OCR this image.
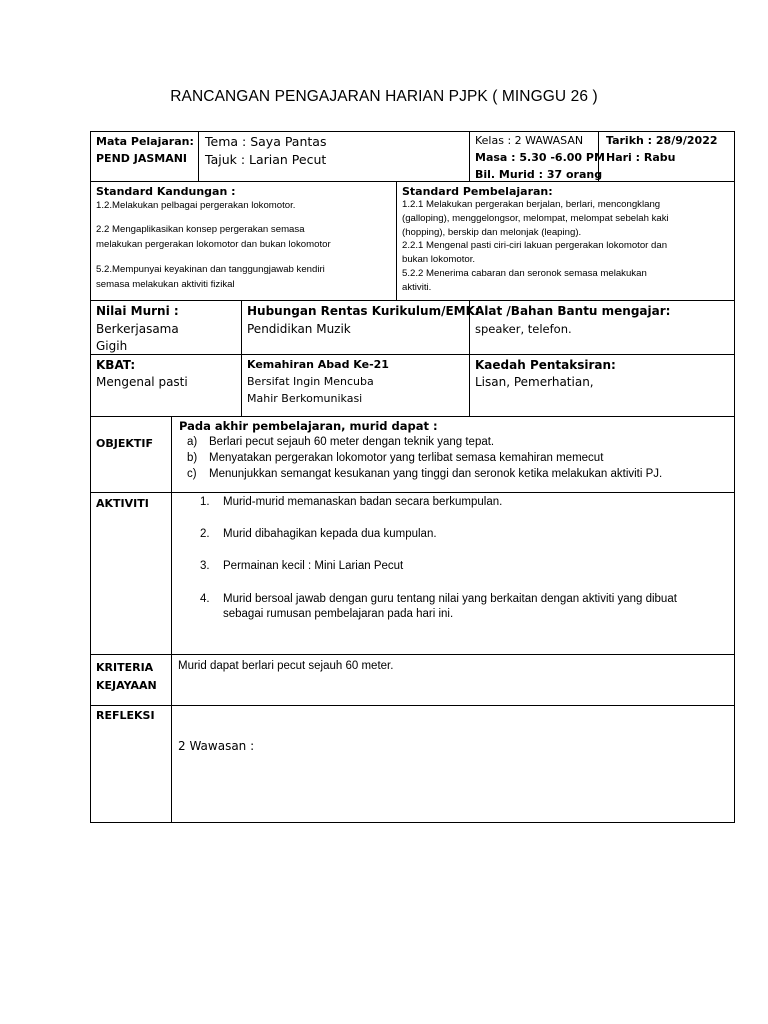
RANCANGAN PENGAJARAN HARIAN PJPK ( MINGGU 26 )
Mata Pelajaran:
PEND JASMANI
Tema : Saya Pantas
Tajuk : Larian Pecut
Kelas : 2 WAWASAN
Masa : 5.30 -6.00 PM
Bil. Murid : 37 orang
Tarikh : 28/9/2022
Hari : Rabu
Standard Kandungan :
1.2.Melakukan pelbagai pergerakan lokomotor.
2.2 Mengaplikasikan konsep pergerakan semasa
melakukan pergerakan lokomotor dan bukan lokomotor
5.2.Mempunyai keyakinan dan tanggungjawab kendiri
semasa melakukan aktiviti fizikal
Standard Pembelajaran:
1.2.1 Melakukan pergerakan berjalan, berlari, mencongklang
(galloping), menggelongsor, melompat, melompat sebelah kaki
(hopping), berskip dan melonjak (leaping).
2.2.1 Mengenal pasti ciri-ciri lakuan pergerakan lokomotor dan
bukan lokomotor.
5.2.2 Menerima cabaran dan seronok semasa melakukan
aktiviti.
Nilai Murni :
Berkerjasama
Gigih
Hubungan Rentas Kurikulum/EMK:
Pendidikan Muzik
Alat /Bahan Bantu mengajar:
speaker, telefon.
KBAT:
Mengenal pasti
Kemahiran Abad Ke-21
Bersifat Ingin Mencuba
Mahir Berkomunikasi
Kaedah Pentaksiran:
Lisan, Pemerhatian,
OBJEKTIF
Pada akhir pembelajaran, murid dapat :
a) Berlari pecut sejauh 60 meter dengan teknik yang tepat.
b) Menyatakan pergerakan lokomotor yang terlibat semasa kemahiran memecut
c) Menunjukkan semangat kesukanan yang tinggi dan seronok ketika melakukan aktiviti PJ.
AKTIVITI	1. Murid-murid memanaskan badan secara berkumpulan.
2. Murid dibahagikan kepada dua kumpulan.
3. Permainan kecil : Mini Larian Pecut
4. Murid bersoal jawab dengan guru tentang nilai yang berkaitan dengan aktiviti yang dibuat
sebagai rumusan pembelajaran pada hari ini.
KRITERIA
KEJAYAAN
Murid dapat berlari pecut sejauh 60 meter.
REFLEKSI
2 Wawasan :
